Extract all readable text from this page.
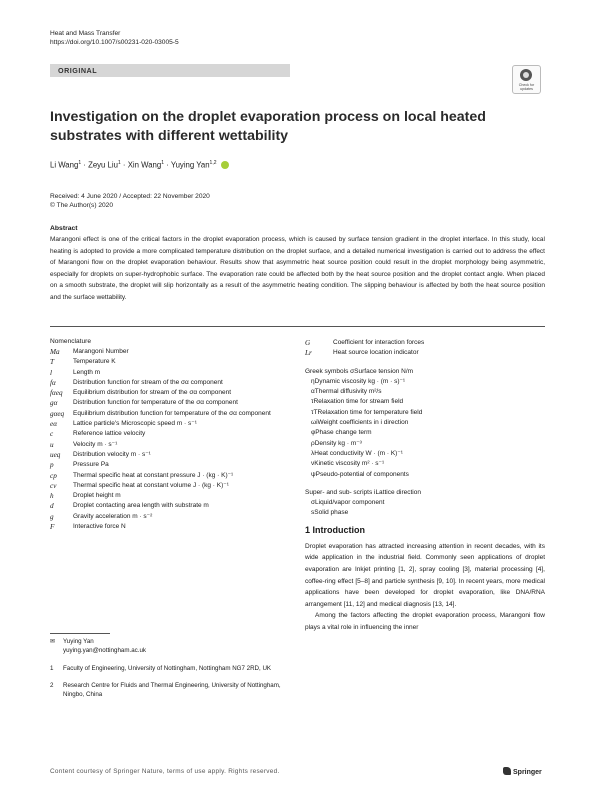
Heat and Mass Transfer
https://doi.org/10.1007/s00231-020-03005-5
ORIGINAL
Check for updates
Investigation on the droplet evaporation process on local heated substrates with different wettability
Li Wang$^1$ · Zeyu Liu$^1$ · Xin Wang$^1$ · Yuying Yan$^{1,2}$
Received: 4 June 2020 / Accepted: 22 November 2020
© The Author(s) 2020
Abstract
Marangoni effect is one of the critical factors in the droplet evaporation process, which is caused by surface tension gradient in the droplet interface. In this study, local heating is adopted to provide a more complicated temperature distribution on the droplet surface, and a detailed numerical investigation is carried out to address the effect of Marangoni flow on the droplet evaporation behaviour. Results show that asymmetric heat source position could result in the droplet morphology being asymmetric, especially for droplets on super-hydrophobic surface. The evaporation rate could be affected both by the heat source position and the droplet contact angle. When placed on a smooth substrate, the droplet will slip horizontally as a result of the asymmetric heating condition. The slipping behaviour is affected by both the heat source position and the surface wettability.
Nomenclature
Ma	Marangoni Number
T	Temperature K
l	Length m
fα	Distribution function for stream of the σα component
fαeq	Equilibrium distribution for stream of the σα component
gα	Distribution function for temperature of the σα component
gαeq	Equilibrium distribution function for temperature of the σα component
eα	Lattice particle's Microscopic speed m · s⁻¹
c	Reference lattice velocity
u	Velocity m · s⁻¹
ueq	Distribution velocity m · s⁻¹
p	Pressure Pa
cp	Thermal specific heat at constant pressure J · (kg · K)⁻¹
cv	Thermal specific heat at constant volume J · (kg · K)⁻¹
h	Droplet height m
d	Droplet contacting area length with substrate m
g	Gravity acceleration m · s⁻²
F	Interactive force N
G	Coefficient for interaction forces
Lr	Heat source location indicator
Greek symbols σSurface tension N/m
ηDynamic viscosity kg · (m · s)⁻¹
αThermal diffusivity m²/s
τRelaxation time for stream field
τTRelaxation time for temperature field
ωiWeight coefficients in i direction
φPhase change term
ρDensity kg · m⁻³
λHeat conductivity W · (m · K)⁻¹
νKinetic viscosity m² · s⁻¹
ψPseudo-potential of components
Super- and sub- scripts iLattice direction
σLiquid/vapor component
sSolid phase
1 Introduction
Droplet evaporation has attracted increasing attention in recent decades, with its wide application in the industrial field. Commonly seen applications of droplet evaporation are Inkjet printing [1, 2], spray cooling [3], material processing [4], coffee-ring effect [5–8] and particle synthesis [9, 10]. In recent years, more medical applications have been developed for droplet evaporation, like DNA/RNA arrangement [11, 12] and medical diagnosis [13, 14].
Among the factors affecting the droplet evaporation process, Marangoni flow plays a vital role in influencing the inner
✉	Yuying Yan
yuying.yan@nottingham.ac.uk
1	Faculty of Engineering, University of Nottingham, Nottingham NG7 2RD, UK
2	Research Centre for Fluids and Thermal Engineering, University of Nottingham, Ningbo, China
Content courtesy of Springer Nature, terms of use apply. Rights reserved.	Springer
